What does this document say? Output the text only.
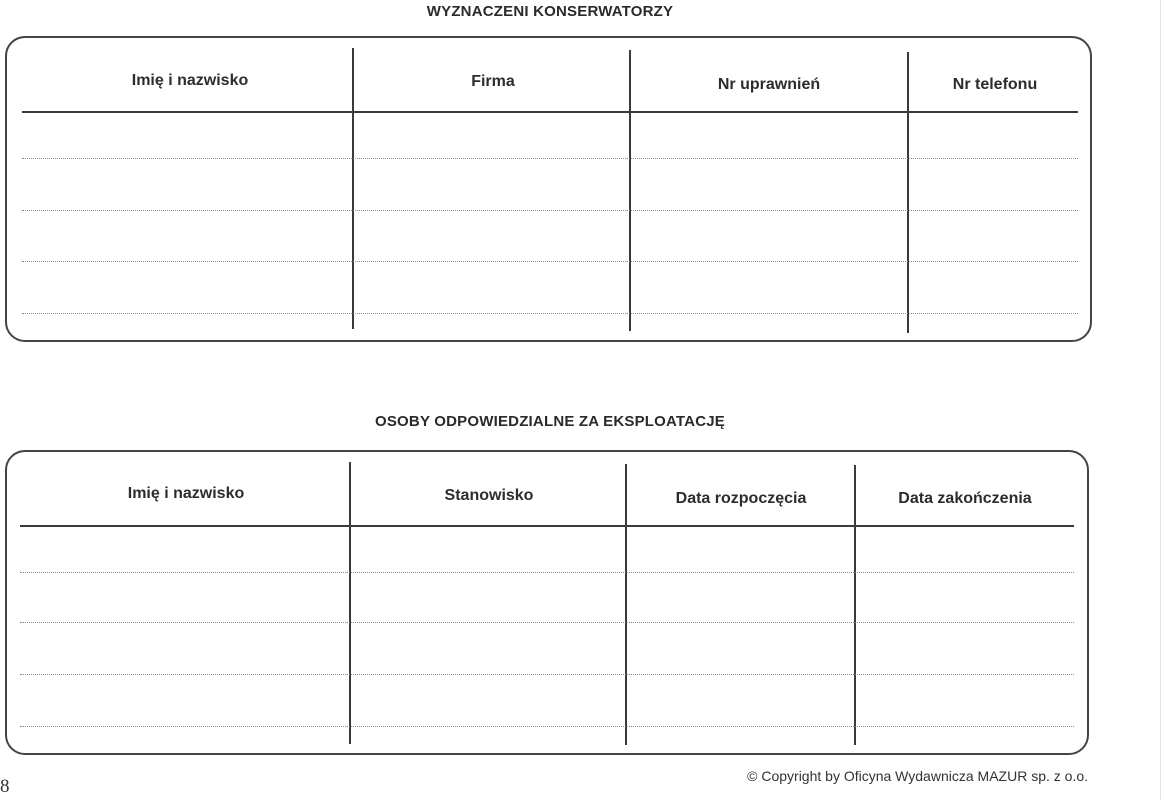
WYZNACZENI KONSERWATORZY
Imię i nazwisko	Firma	Nr uprawnień	Nr telefonu
OSOBY ODPOWIEDZIALNE ZA EKSPLOATACJĘ
Imię i nazwisko	Stanowisko	Data rozpoczęcia	Data zakończenia
© Copyright by Oficyna Wydawnicza MAZUR sp. z o.o.
8
